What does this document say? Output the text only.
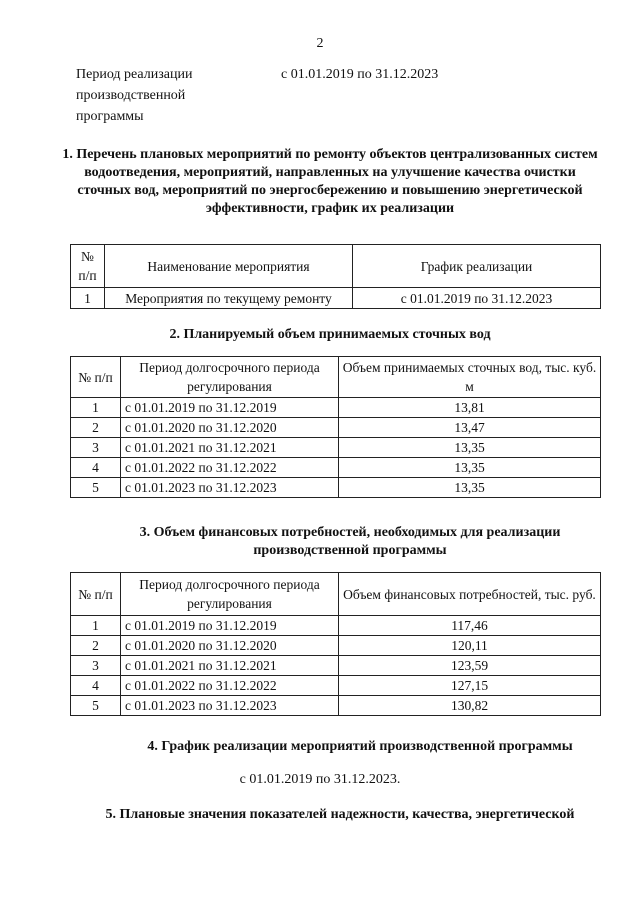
2
Период реализации производственной программы
с 01.01.2019 по 31.12.2023
1. Перечень плановых мероприятий по ремонту объектов централизованных систем водоотведения, мероприятий, направленных на улучшение качества очистки сточных вод, мероприятий по энергосбережению и повышению энергетической эффективности, график их реализации
№ п/п	Наименование мероприятия	График реализации
1	Мероприятия по текущему ремонту	с 01.01.2019 по 31.12.2023
2. Планируемый объем принимаемых сточных вод
№ п/п	Период долгосрочного периода регулирования	Объем принимаемых сточных вод, тыс. куб. м
1	с 01.01.2019 по 31.12.2019	13,81
2	с 01.01.2020 по 31.12.2020	13,47
3	с 01.01.2021 по 31.12.2021	13,35
4	с 01.01.2022 по 31.12.2022	13,35
5	с 01.01.2023 по 31.12.2023	13,35
3. Объем финансовых потребностей, необходимых для реализации производственной программы
№ п/п	Период долгосрочного периода регулирования	Объем финансовых потребностей, тыс. руб.
1	с 01.01.2019 по 31.12.2019	117,46
2	с 01.01.2020 по 31.12.2020	120,11
3	с 01.01.2021 по 31.12.2021	123,59
4	с 01.01.2022 по 31.12.2022	127,15
5	с 01.01.2023 по 31.12.2023	130,82
4. График реализации мероприятий производственной программы
с 01.01.2019 по 31.12.2023.
5. Плановые значения показателей надежности, качества, энергетической
